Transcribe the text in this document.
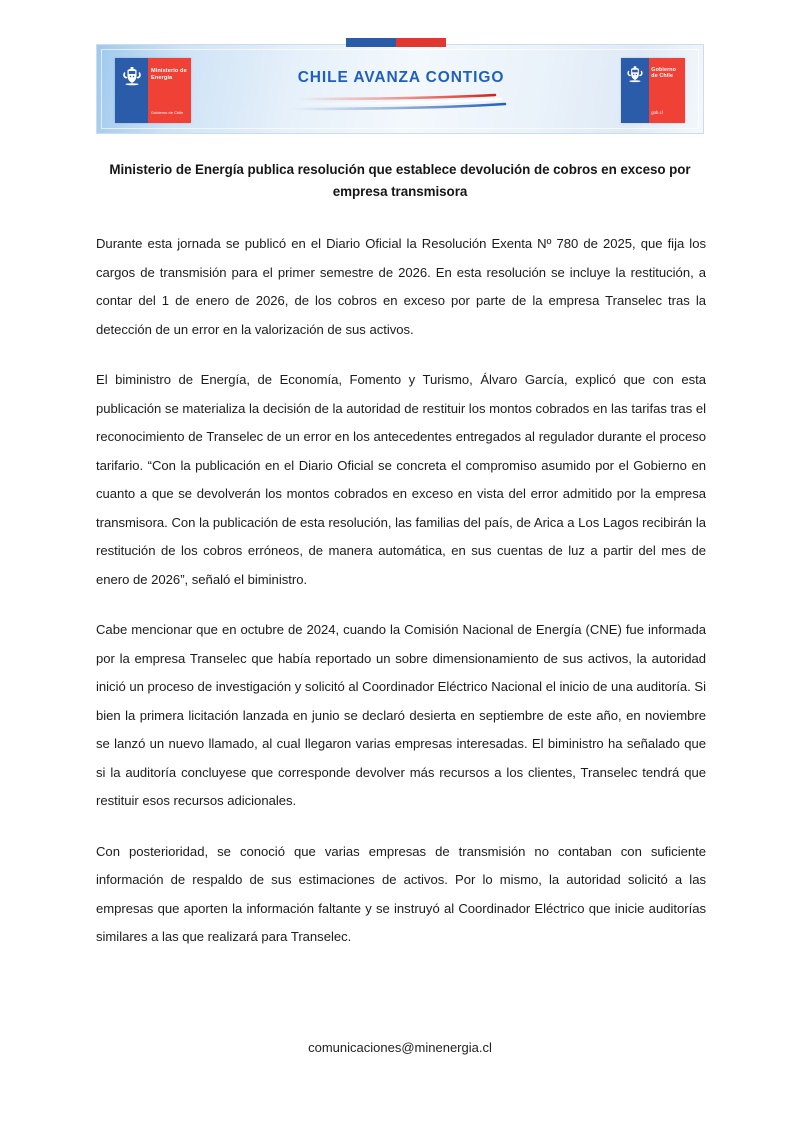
Ministerio de Energía
Gobierno de Chile
CHILE AVANZA CONTIGO	Gobierno de Chile
gob.cl
Ministerio de Energía publica resolución que establece devolución de cobros en exceso por empresa transmisora

Durante esta jornada se publicó en el Diario Oficial la Resolución Exenta Nº 780 de 2025, que fija los cargos de transmisión para el primer semestre de 2026. En esta resolución se incluye la restitución, a contar del 1 de enero de 2026, de los cobros en exceso por parte de la empresa Transelec tras la detección de un error en la valorización de sus activos.

El biministro de Energía, de Economía, Fomento y Turismo, Álvaro García, explicó que con esta publicación se materializa la decisión de la autoridad de restituir los montos cobrados en las tarifas tras el reconocimiento de Transelec de un error en los antecedentes entregados al regulador durante el proceso tarifario. “Con la publicación en el Diario Oficial se concreta el compromiso asumido por el Gobierno en cuanto a que se devolverán los montos cobrados en exceso en vista del error admitido por la empresa transmisora. Con la publicación de esta resolución, las familias del país, de Arica a Los Lagos recibirán la restitución de los cobros erróneos, de manera automática, en sus cuentas de luz a partir del mes de enero de 2026”, señaló el biministro.

Cabe mencionar que en octubre de 2024, cuando la Comisión Nacional de Energía (CNE) fue informada por la empresa Transelec que había reportado un sobre dimensionamiento de sus activos, la autoridad inició un proceso de investigación y solicitó al Coordinador Eléctrico Nacional el inicio de una auditoría. Si bien la primera licitación lanzada en junio se declaró desierta en septiembre de este año, en noviembre se lanzó un nuevo llamado, al cual llegaron varias empresas interesadas. El biministro ha señalado que si la auditoría concluyese que corresponde devolver más recursos a los clientes, Transelec tendrá que restituir esos recursos adicionales.

Con posterioridad, se conoció que varias empresas de transmisión no contaban con suficiente información de respaldo de sus estimaciones de activos. Por lo mismo, la autoridad solicitó a las empresas que aporten la información faltante y se instruyó al Coordinador Eléctrico que inicie auditorías similares a las que realizará para Transelec.

comunicaciones@minenergia.cl
